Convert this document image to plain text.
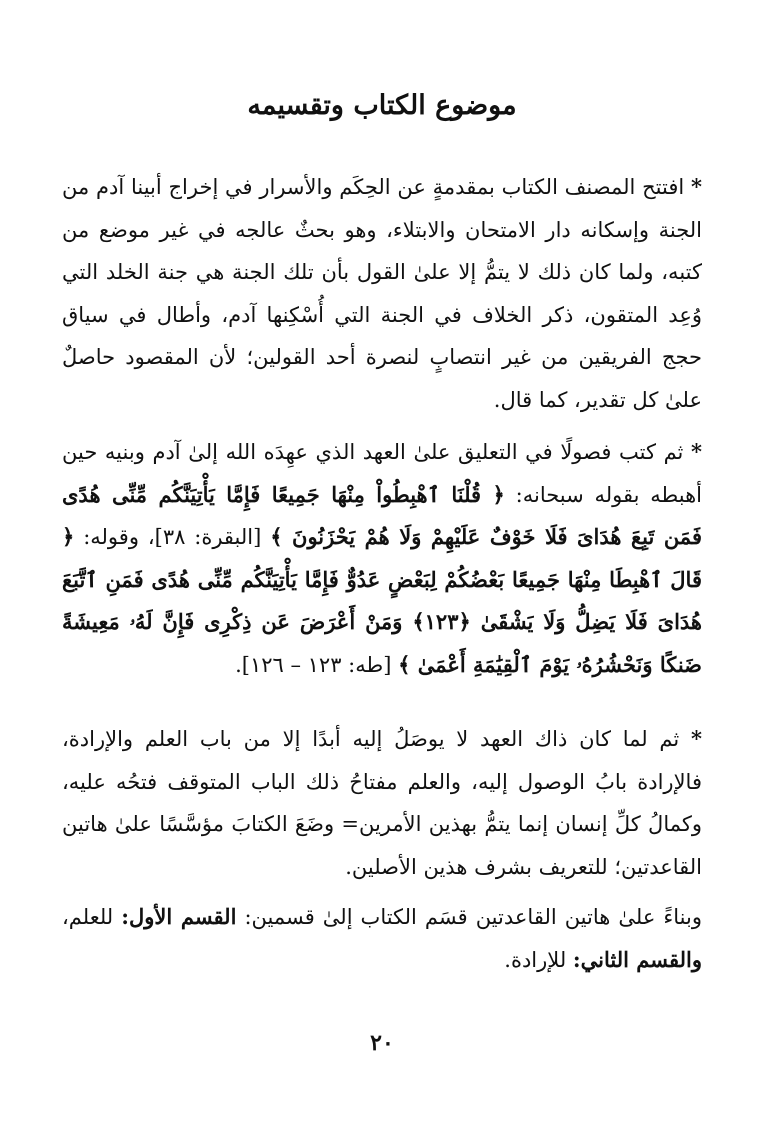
موضوع الكتاب وتقسيمه

* افتتح المصنف الكتاب بمقدمةٍ عن الحِكَم والأسرار في إخراج أبينا آدم من الجنة وإسكانه دار الامتحان والابتلاء، وهو بحثٌ عالجه في غير موضع من كتبه، ولما كان ذلك لا يتمُّ إلا علىٰ القول بأن تلك الجنة هي جنة الخلد التي وُعِد المتقون، ذكر الخلاف في الجنة التي أُسْكِنها آدم، وأطال في سياق حجج الفريقين من غير انتصابٍ لنصرة أحد القولين؛ لأن المقصود حاصلٌ علىٰ كل تقدير، كما قال.

* ثم كتب فصولًا في التعليق علىٰ العهد الذي عهِدَه الله إلىٰ آدم وبنيه حين أهبطه بقوله سبحانه: ﴿ قُلْنَا ٱهْبِطُواْ مِنْهَا جَمِيعًا فَإِمَّا يَأْتِيَنَّكُم مِّنِّى هُدًى فَمَن تَبِعَ هُدَاىَ فَلَا خَوْفٌ عَلَيْهِمْ وَلَا هُمْ يَحْزَنُونَ ﴾ [البقرة: ٣٨]، وقوله: ﴿ قَالَ ٱهْبِطَا مِنْهَا جَمِيعًا بَعْضُكُمْ لِبَعْضٍ عَدُوٌّ فَإِمَّا يَأْتِيَنَّكُم مِّنِّى هُدًى فَمَنِ ٱتَّبَعَ هُدَاىَ فَلَا يَضِلُّ وَلَا يَشْقَىٰ ﴿١٢٣﴾ وَمَنْ أَعْرَضَ عَن ذِكْرِى فَإِنَّ لَهُۥ مَعِيشَةً ضَنكًا وَنَحْشُرُهُۥ يَوْمَ ٱلْقِيَٰمَةِ أَعْمَىٰ ﴾ [طه: ١٢٣ – ١٢٦].

* ثم لما كان ذاك العهد لا يوصَلُ إليه أبدًا إلا من باب العلم والإرادة، فالإرادة بابُ الوصول إليه، والعلم مفتاحُ ذلك الباب المتوقف فتحُه عليه، وكمالُ كلِّ إنسان إنما يتمُّ بهذين الأمرين= وضَعَ الكتابَ مؤسَّسًا علىٰ هاتين القاعدتين؛ للتعريف بشرف هذين الأصلين.

وبناءً علىٰ هاتين القاعدتين قسَم الكتاب إلىٰ قسمين: القسم الأول: للعلم، والقسم الثاني: للإرادة.

٢٠
